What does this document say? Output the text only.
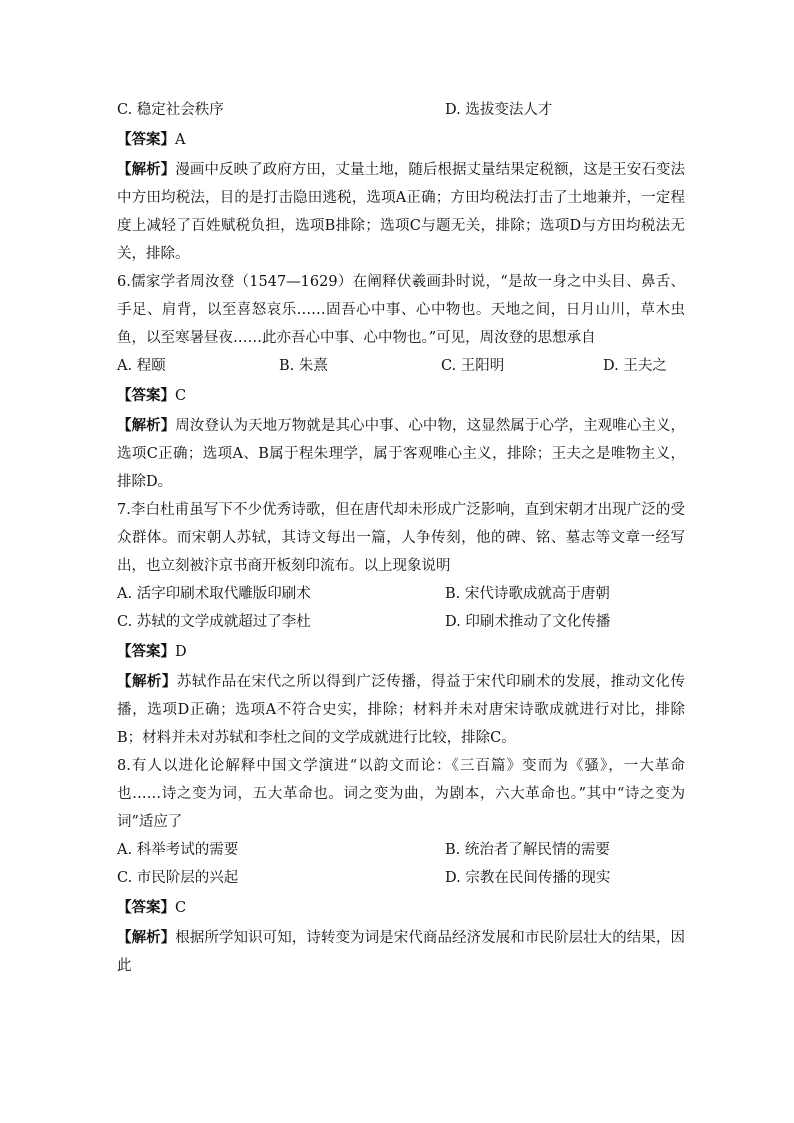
C. 稳定社会秩序	D. 选拔变法人才
【答案】A
【解析】漫画中反映了政府方田，丈量土地，随后根据丈量结果定税额，这是王安石变法中方田均税法，目的是打击隐田逃税，选项A正确；方田均税法打击了土地兼并，一定程度上减轻了百姓赋税负担，选项B排除；选项C与题无关，排除；选项D与方田均税法无关，排除。
6.儒家学者周汝登（1547—1629）在阐释伏羲画卦时说，“是故一身之中头目、鼻舌、手足、肩背，以至喜怒哀乐……固吾心中事、心中物也。天地之间，日月山川，草木虫鱼，以至寒暑昼夜……此亦吾心中事、心中物也。”可见，周汝登的思想承自
A. 程颐	B. 朱熹	C. 王阳明	D. 王夫之
【答案】C
【解析】周汝登认为天地万物就是其心中事、心中物，这显然属于心学，主观唯心主义，选项C正确；选项A、B属于程朱理学，属于客观唯心主义，排除；王夫之是唯物主义，排除D。
7.李白杜甫虽写下不少优秀诗歌，但在唐代却未形成广泛影响，直到宋朝才出现广泛的受众群体。而宋朝人苏轼，其诗文每出一篇，人争传刻，他的碑、铭、墓志等文章一经写出，也立刻被汴京书商开板刻印流布。以上现象说明
A. 活字印刷术取代雕版印刷术	B. 宋代诗歌成就高于唐朝
C. 苏轼的文学成就超过了李杜	D. 印刷术推动了文化传播
【答案】D
【解析】苏轼作品在宋代之所以得到广泛传播，得益于宋代印刷术的发展，推动文化传播，选项D正确；选项A不符合史实，排除；材料并未对唐宋诗歌成就进行对比，排除B；材料并未对苏轼和李杜之间的文学成就进行比较，排除C。
8.有人以进化论解释中国文学演进“以韵文而论：《三百篇》变而为《骚》，一大革命也……诗之变为词，五大革命也。词之变为曲，为剧本，六大革命也。”其中“诗之变为词”适应了
A. 科举考试的需要	B. 统治者了解民情的需要
C. 市民阶层的兴起	D. 宗教在民间传播的现实
【答案】C
【解析】根据所学知识可知，诗转变为词是宋代商品经济发展和市民阶层壮大的结果，因此
